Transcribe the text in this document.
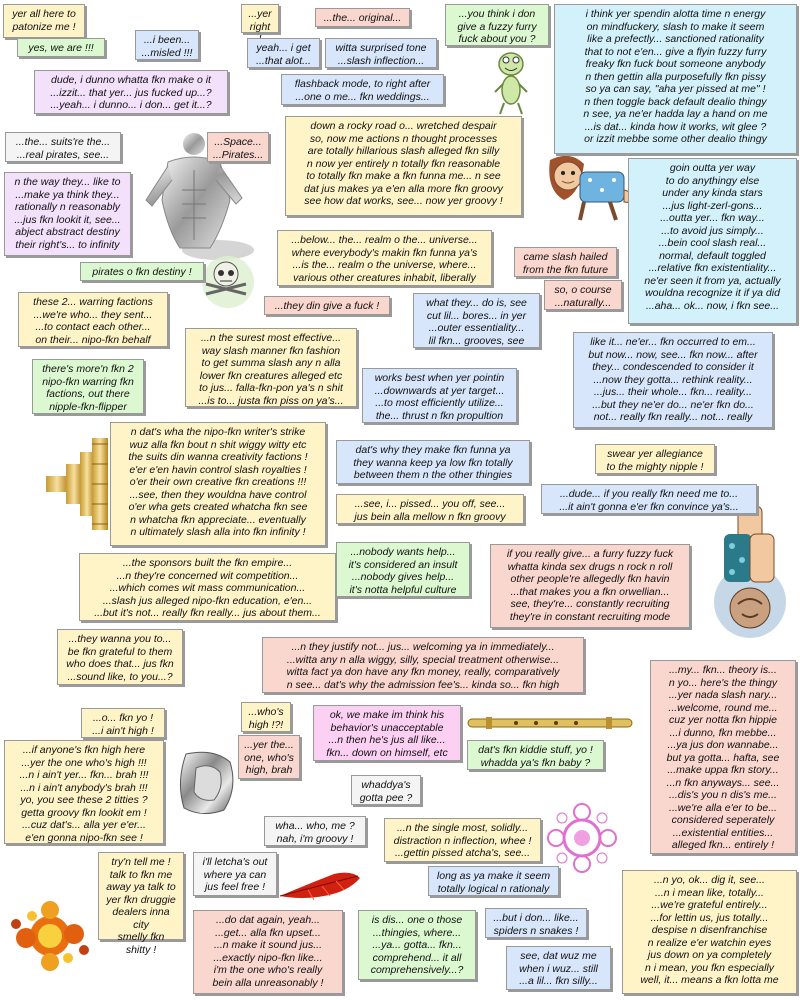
yer all here to
patonize me !
yes, we are !!!
...i been...
...misled !!!
...yer
right
...the... original...
yeah... i get
...that alot...
witta surprised tone
...slash inflection...
...you think i don
give a fuzzy furry
fuck about you ?
i think yer spendin alotta time n energy
on mindfuckery, slash to make it seem
like a prefectly... sanctioned rationality
that to not e'en... give a flyin fuzzy furry
freaky fkn fuck bout someone anybody
n then gettin alla purposefully fkn pissy
so ya can say, "aha yer pissed at me" !
n then toggle back default dealio thingy
n see, ya ne'er hadda lay a hand on me
...is dat... kinda how it works, wit glee ?
or izzit mebbe some other dealio thingy
dude, i dunno whatta fkn make o it
...izzit... that yer... jus fucked up...?
...yeah... i dunno... i don... get it...?
flashback mode, to right after
...one o me... fkn weddings...
...the... suits're the...
...real pirates, see...
...Space...
...Pirates...
down a rocky road o... wretched despair
so, now me actions n thought processes
are totally hillarious slash alleged fkn silly
n now yer entirely n totally fkn reasonable
to totally fkn make a fkn funna me... n see
dat jus makes ya e'en alla more fkn groovy
see how dat works, see... now yer groovy !
n the way they... like to
...make ya think they...
rationally n reasonably
...jus fkn lookit it, see...
abject abstract destiny
their right's... to infinity
goin outta yer way
to do anythingy else
under any kinda stars
...jus light-zerl-gons...
...outta yer... fkn way...
...to avoid jus simply...
...bein cool slash real...
normal, default toggled
...relative fkn existentiality...
ne'er seen it from ya, actually
wouldna recognize it if ya did
...aha... ok... now, i fkn see...
...below... the... realm o the... universe...
where everybody's makin fkn funna ya's
...is the... realm o the universe, where...
various other creatures inhabit, liberally
came slash hailed
from the fkn future
pirates o fkn destiny !
so, o course
...naturally...
these 2... warring factions
...we're who... they sent...
...to contact each other...
on their... nipo-fkn behalf
...they din give a fuck !	what they... do is, see
cut lil... bores... in yer
...outer essentiality...
lil fkn... grooves, see
...n the surest most effective...
way slash manner fkn fashion
to get summa slash any n alla
lower fkn creatures alleged etc
to jus... falla-fkn-pon ya's n shit
...is to... justa fkn piss on ya's...
there's more'n fkn 2
nipo-fkn warring fkn
factions, out there
nipple-fkn-flipper
works best when yer pointin
...downwards at yer target...
...to most efficiently utilize...
the... thrust n fkn propultion
like it... ne'er... fkn occurred to em...
but now... now, see... fkn now... after
they... condescended to consider it
...now they gotta... rethink reality...
...jus... their whole... fkn... reality...
...but they ne'er do... ne'er fkn do...
not... really fkn really... not... really
n dat's wha the nipo-fkn writer's strike
wuz alla fkn bout n shit wiggy witty etc
the suits din wanna creativity factions !
e'er e'en havin control slash royalties !
o'er their own creative fkn creations !!!
...see, then they wouldna have control
o'er wha gets created whatcha fkn see
n whatcha fkn appreciate... eventually
n ultimately slash alla into fkn infinity !
dat's why they make fkn funna ya
they wanna keep ya low fkn totally
between them n the other thingies
swear yer allegiance
to the mighty nipple !
...dude... if you really fkn need me to...
...it ain't gonna e'er fkn convince ya's...
...see, i... pissed... you off, see...
jus bein alla mellow n fkn groovy
...the sponsors built the fkn empire...
...n they're concerned wit competition...
...which comes wit mass communication...
...slash jus alleged nipo-fkn education, e'en...
...but it's not... really fkn really... jus about them...
...nobody wants help...
it's considered an insult
...nobody gives help...
it's notta helpful culture
if you really give... a furry fuzzy fuck
whatta kinda sex drugs n rock n roll
other people're allegedly fkn havin
...that makes you a fkn orwellian...
see, they're... constantly recruiting
they're in constant recruiting mode
...they wanna you to...
be fkn grateful to them
who does that... jus fkn
...sound like, to you...?
...n they justify not... jus... welcoming ya in immediately...
...witta any n alla wiggy, silly, special treatment otherwise...
witta fact ya don have any fkn money, really, comparatively
n see... dat's why the admission fee's... kinda so... fkn high
...my... fkn... theory is...
n yo... here's the thingy
...yer nada slash nary...
...welcome, round me...
cuz yer notta fkn hippie
...i dunno, fkn mebbe...
...ya jus don wannabe...
but ya gotta... hafta, see
...make uppa fkn story...
...n fkn anyways... see...
...dis's you n dis's me...
...we're alla e'er to be...
considered seperately
...existential entities...
alleged fkn... entirely !
...who's
high !?!
...yer the...
one, who's
high, brah
ok, we make im think his
behavior's unacceptable
...n then he's jus all like...
fkn... down on himself, etc	dat's fkn kiddie stuff, yo !
whadda ya's fkn baby ?
...o... fkn yo !
...i ain't high !
...if anyone's fkn high here
...yer the one who's high !!!
...n i ain't yer... fkn... brah !!!
...n i ain't anybody's brah !!!
yo, you see these 2 titties ?
getta groovy fkn lookit em !
...cuz dat's... alla yer e'er...
e'en gonna nipo-fkn see !
whaddya's
gotta pee ?
wha... who, me ?
nah, i'm groovy !
...n the single most, solidly...
distraction n inflection, whee !
...gettin pissed atcha's, see...
try'n tell me !
talk to fkn me
away ya talk to
yer fkn druggie
dealers inna city
smelly fkn shitty !
i'll letcha's out
where ya can
jus feel free !
long as ya make it seem
totally logical n rationaly
...n yo, ok... dig it, see...
...n i mean like, totally...
...we're grateful entirely...
...for lettin us, jus totally...
despise n disenfranchise
n realize e'er watchin eyes
jus down on ya completely
n i mean, you fkn especially
well, it... means a fkn lotta me
...do dat again, yeah...
...get... alla fkn upset...
...n make it sound jus...
...exactly nipo-fkn like...
i'm the one who's really
bein alla unreasonably !
is dis... one o those
...thingies, where...
...ya... gotta... fkn...
comprehend... it all
comprehensively...?
...but i don... like...
spiders n snakes !
see, dat wuz me
when i wuz... still
...a lil... fkn silly...
